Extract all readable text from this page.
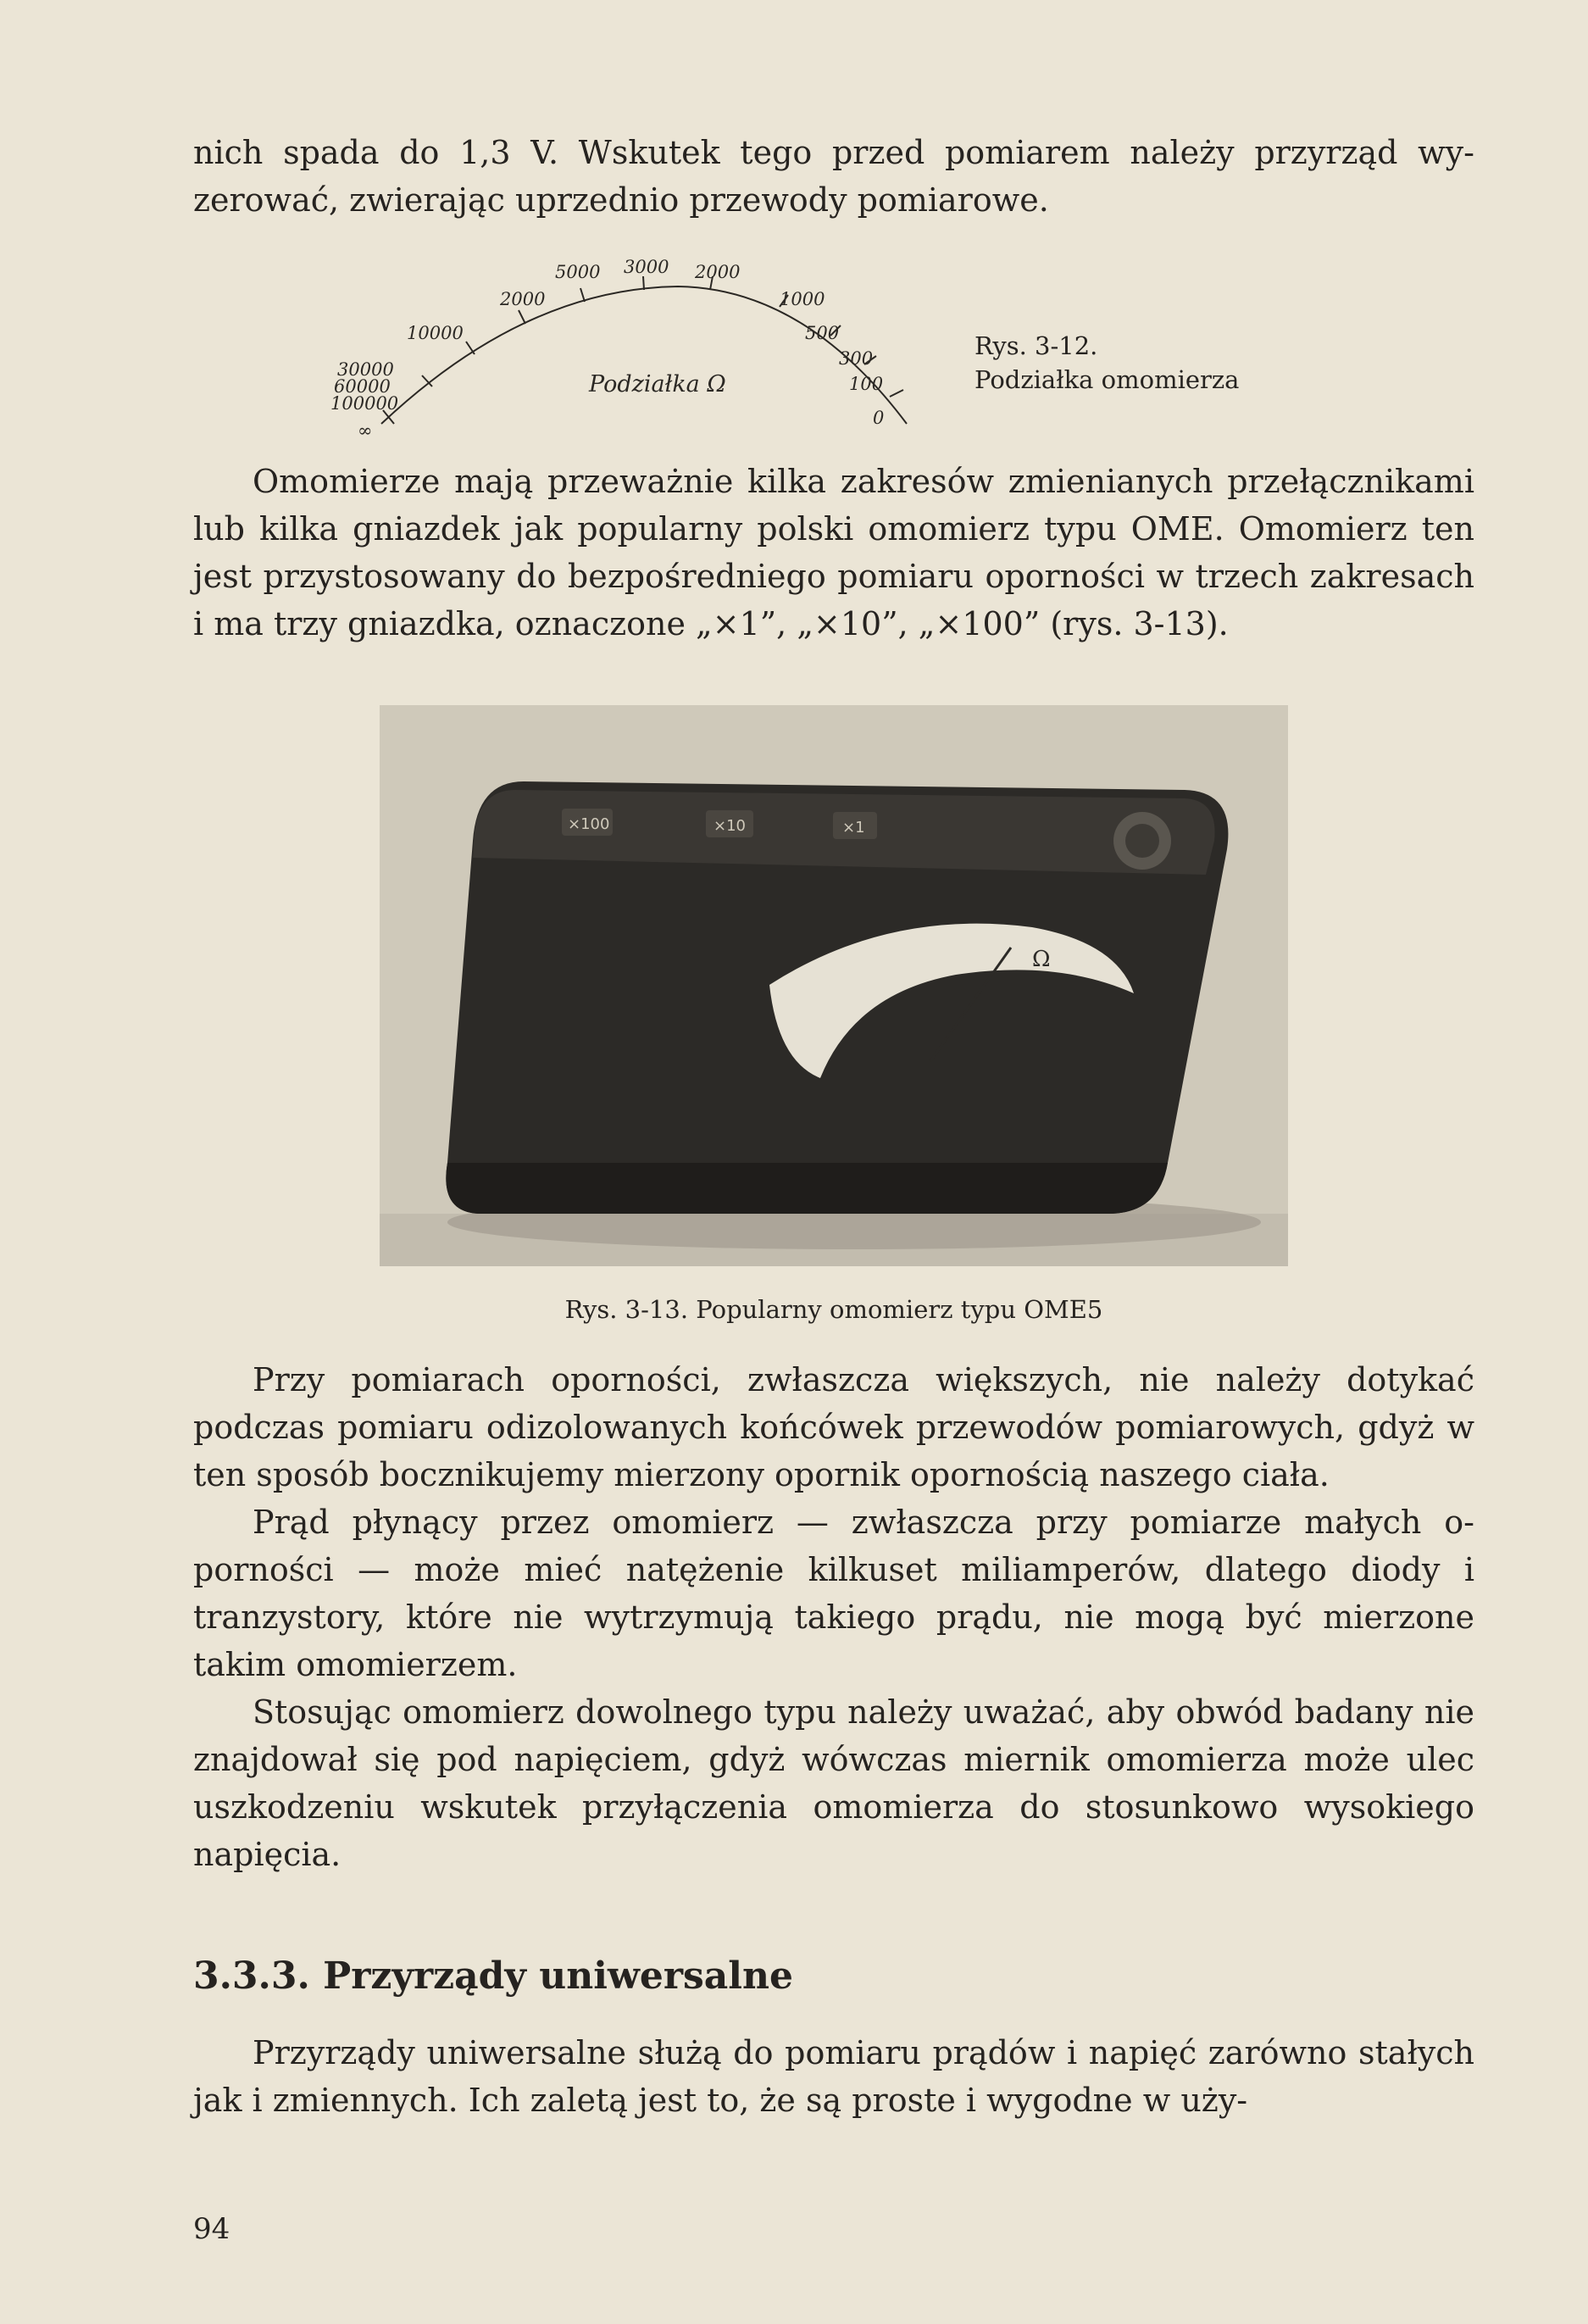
nich spada do 1,3 V. Wskutek tego przed pomiarem należy przyrząd wyzerować, zwierając uprzednio przewody pomiarowe.

∞
100000
60000
30000
10000
2000
5000 3000 2000
1000
500
300
100
0
Podziałka Ω
Rys. 3-12.
Podziałka omomierza

Omomierze mają przeważnie kilka zakresów zmienianych przełącznikami lub kilka gniazdek jak popularny polski omomierz typu OME. Omomierz ten jest przystosowany do bezpośredniego pomiaru oporności w trzech zakresach i ma trzy gniazdka, oznaczone „×1”, „×10”, „×100” (rys. 3-13).

×100	×10	×1
Ω
Rys. 3-13. Popularny omomierz typu OME5

Przy pomiarach oporności, zwłaszcza większych, nie należy dotykać podczas pomiaru odizolowanych końcówek przewodów pomiarowych, gdyż w ten sposób bocznikujemy mierzony opornik opornością naszego ciała.

Prąd płynący przez omomierz — zwłaszcza przy pomiarze małych oporności — może mieć natężenie kilkuset miliamperów, dlatego diody i tranzystory, które nie wytrzymują takiego prądu, nie mogą być mierzone takim omomierzem.

Stosując omomierz dowolnego typu należy uważać, aby obwód badany nie znajdował się pod napięciem, gdyż wówczas miernik omomierza może ulec uszkodzeniu wskutek przyłączenia omomierza do stosunkowo wysokiego napięcia.

3.3.3. Przyrządy uniwersalne

Przyrządy uniwersalne służą do pomiaru prądów i napięć zarówno stałych jak i zmiennych. Ich zaletą jest to, że są proste i wygodne w uży-

94
